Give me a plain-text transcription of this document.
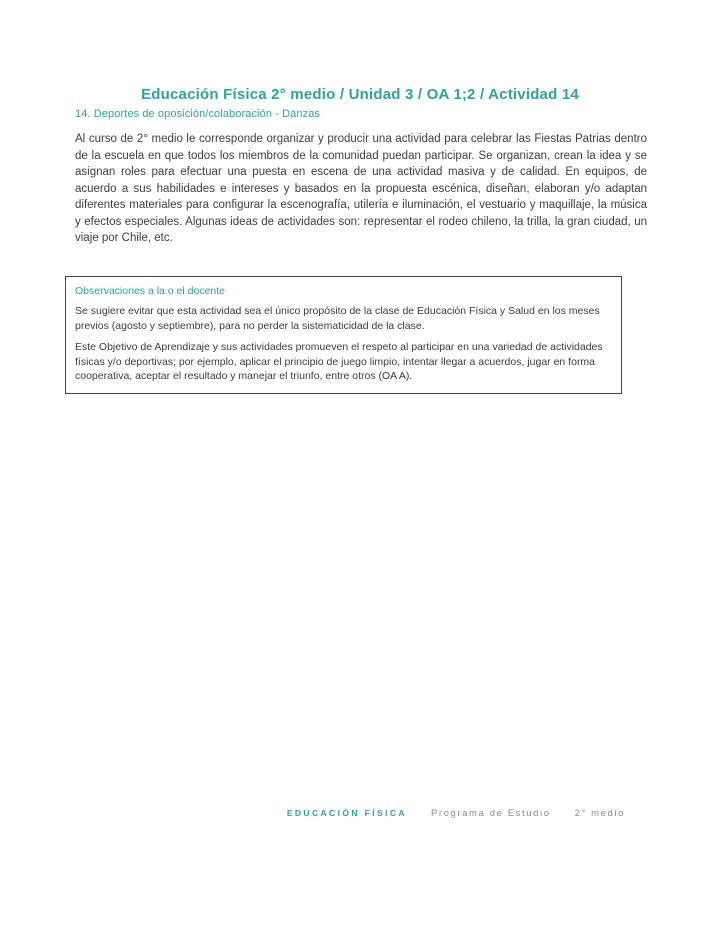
Educación Física 2° medio / Unidad 3 / OA 1;2 / Actividad 14
14. Deportes de oposición/colaboración - Danzas
Al curso de 2° medio le corresponde organizar y producir una actividad para celebrar las Fiestas Patrias dentro de la escuela en que todos los miembros de la comunidad puedan participar. Se organizan, crean la idea y se asignan roles para efectuar una puesta en escena de una actividad masiva y de calidad. En equipos, de acuerdo a sus habilidades e intereses y basados en la propuesta escénica, diseñan, elaboran y/o adaptan diferentes materiales para configurar la escenografía, utilería e iluminación, el vestuario y maquillaje, la música y efectos especiales. Algunas ideas de actividades son: representar el rodeo chileno, la trilla, la gran ciudad, un viaje por Chile, etc.
Observaciones a la o el docente
Se sugiere evitar que esta actividad sea el único propósito de la clase de Educación Física y Salud en los meses previos (agosto y septiembre), para no perder la sistematicidad de la clase.
Este Objetivo de Aprendizaje y sus actividades promueven el respeto al participar en una variedad de actividades físicas y/o deportivas; por ejemplo, aplicar el principio de juego limpio, intentar llegar a acuerdos, jugar en forma cooperativa, aceptar el resultado y manejar el triunfo, entre otros (OA A).
EDUCACIÓN FÍSICA	Programa de Estudio	2° medio
